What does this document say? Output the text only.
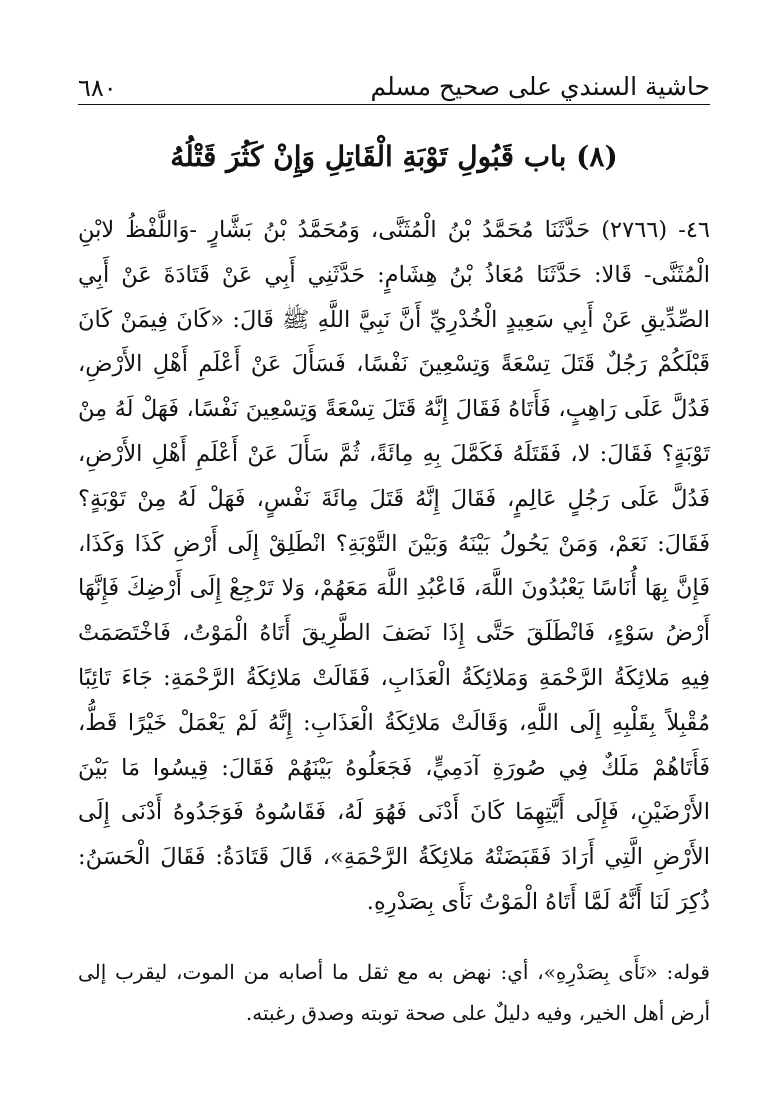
حاشية السندي على صحيح مسلم
٦٨٠
(٨) باب قَبُولِ تَوْبَةِ الْقَاتِلِ وَإِنْ كَثُرَ قَتْلُهُ
٤٦- (٢٧٦٦) حَدَّثَنَا مُحَمَّدُ بْنُ الْمُثَنَّى، وَمُحَمَّدُ بْنُ بَشَّارٍ -وَاللَّفْظُ لابْنِ الْمُثَنَّى- قَالا: حَدَّثَنَا مُعَاذُ بْنُ هِشَامٍ: حَدَّثَنِي أَبِي عَنْ قَتَادَةَ عَنْ أَبِي الصِّدِّيقِ عَنْ أَبِي سَعِيدٍ الْخُدْرِيِّ أَنَّ نَبِيَّ اللَّهِ ﷺ قَالَ: «كَانَ فِيمَنْ كَانَ قَبْلَكُمْ رَجُلٌ قَتَلَ تِسْعَةً وَتِسْعِينَ نَفْسًا، فَسَأَلَ عَنْ أَعْلَمِ أَهْلِ الأَرْضِ، فَدُلَّ عَلَى رَاهِبٍ، فَأَتَاهُ فَقَالَ إِنَّهُ قَتَلَ تِسْعَةً وَتِسْعِينَ نَفْسًا، فَهَلْ لَهُ مِنْ تَوْبَةٍ؟ فَقَالَ: لا، فَقَتَلَهُ فَكَمَّلَ بِهِ مِائَةً، ثُمَّ سَأَلَ عَنْ أَعْلَمِ أَهْلِ الأَرْضِ، فَدُلَّ عَلَى رَجُلٍ عَالِمٍ، فَقَالَ إِنَّهُ قَتَلَ مِائَةَ نَفْسٍ، فَهَلْ لَهُ مِنْ تَوْبَةٍ؟ فَقَالَ: نَعَمْ، وَمَنْ يَحُولُ بَيْنَهُ وَبَيْنَ التَّوْبَةِ؟ انْطَلِقْ إِلَى أَرْضِ كَذَا وَكَذَا، فَإِنَّ بِهَا أُنَاسًا يَعْبُدُونَ اللَّهَ، فَاعْبُدِ اللَّهَ مَعَهُمْ، وَلا تَرْجِعْ إِلَى أَرْضِكَ فَإِنَّهَا أَرْضُ سَوْءٍ، فَانْطَلَقَ حَتَّى إِذَا نَصَفَ الطَّرِيقَ أَتَاهُ الْمَوْتُ، فَاخْتَصَمَتْ فِيهِ مَلائِكَةُ الرَّحْمَةِ وَمَلائِكَةُ الْعَذَابِ، فَقَالَتْ مَلائِكَةُ الرَّحْمَةِ: جَاءَ تَائِبًا مُقْبِلاً بِقَلْبِهِ إِلَى اللَّهِ، وَقَالَتْ مَلائِكَةُ الْعَذَابِ: إِنَّهُ لَمْ يَعْمَلْ خَيْرًا قَطُّ، فَأَتَاهُمْ مَلَكٌ فِي صُورَةِ آدَمِيٍّ، فَجَعَلُوهُ بَيْنَهُمْ فَقَالَ: قِيسُوا مَا بَيْنَ الأَرْضَيْنِ، فَإِلَى أَيَّتِهِمَا كَانَ أَدْنَى فَهُوَ لَهُ، فَقَاسُوهُ فَوَجَدُوهُ أَدْنَى إِلَى الأَرْضِ الَّتِي أَرَادَ فَقَبَضَتْهُ مَلائِكَةُ الرَّحْمَةِ»، قَالَ قَتَادَةُ: فَقَالَ الْحَسَنُ: ذُكِرَ لَنَا أَنَّهُ لَمَّا أَتَاهُ الْمَوْتُ نَأَى بِصَدْرِهِ.
قوله: «نَأَى بِصَدْرِهِ»، أي: نهض به مع ثقل ما أصابه من الموت، ليقرب إلى أرض أهل الخير، وفيه دليلٌ على صحة توبته وصدق رغبته.
